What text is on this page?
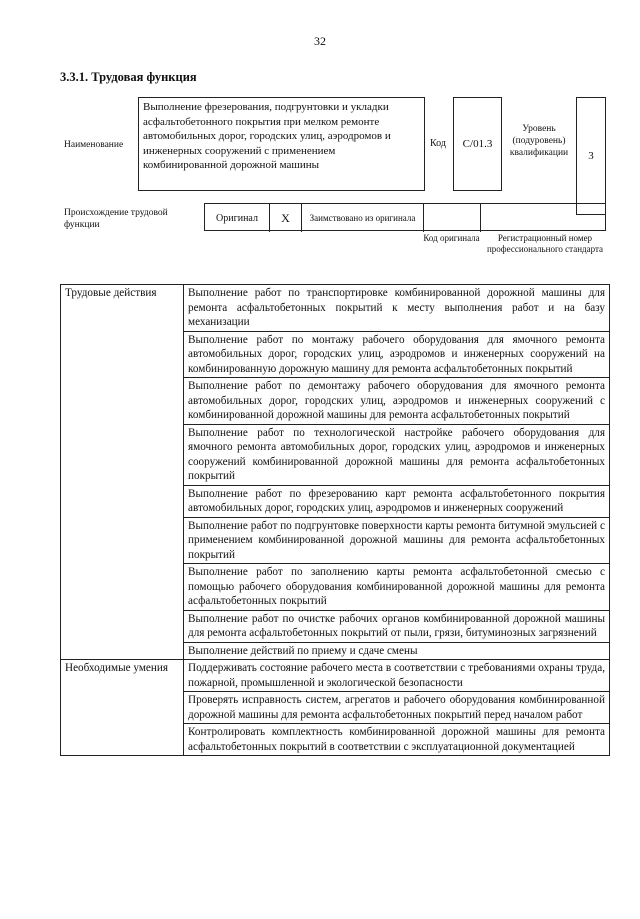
32
3.3.1. Трудовая функция
Наименование
Выполнение фрезерования, подгрунтовки и укладки асфальтобетонного покрытия при мелком ремонте автомобильных дорог, городских улиц, аэродромов и инженерных сооружений с применением комбинированной дорожной машины
Код С/01.3
Уровень (подуровень) квалификации	3
Происхождение трудовой функции
Оригинал X Заимствовано из оригинала
Код оригинала	Регистрационный номер профессионального стандарта
Трудовые действия	Выполнение работ по транспортировке комбинированной дорожной машины для ремонта асфальтобетонных покрытий к месту выполнения работ и на базу механизации
	Выполнение работ по монтажу рабочего оборудования для ямочного ремонта автомобильных дорог, городских улиц, аэродромов и инженерных сооружений на комбинированную дорожную машину для ремонта асфальтобетонных покрытий
	Выполнение работ по демонтажу рабочего оборудования для ямочного ремонта автомобильных дорог, городских улиц, аэродромов и инженерных сооружений с комбинированной дорожной машины для ремонта асфальтобетонных покрытий
	Выполнение работ по технологической настройке рабочего оборудования для ямочного ремонта автомобильных дорог, городских улиц, аэродромов и инженерных сооружений комбинированной дорожной машины для ремонта асфальтобетонных покрытий
	Выполнение работ по фрезерованию карт ремонта асфальтобетонного покрытия автомобильных дорог, городских улиц, аэродромов и инженерных сооружений
	Выполнение работ по подгрунтовке поверхности карты ремонта битумной эмульсией с применением комбинированной дорожной машины для ремонта асфальтобетонных покрытий
	Выполнение работ по заполнению карты ремонта асфальтобетонной смесью с помощью рабочего оборудования комбинированной дорожной машины для ремонта асфальтобетонных покрытий
	Выполнение работ по очистке рабочих органов комбинированной дорожной машины для ремонта асфальтобетонных покрытий от пыли, грязи, битуминозных загрязнений
	Выполнение действий по приему и сдаче смены
Необходимые умения	Поддерживать состояние рабочего места в соответствии с требованиями охраны труда, пожарной, промышленной и экологической безопасности
	Проверять исправность систем, агрегатов и рабочего оборудования комбинированной дорожной машины для ремонта асфальтобетонных покрытий перед началом работ
	Контролировать комплектность комбинированной дорожной машины для ремонта асфальтобетонных покрытий в соответствии с эксплуатационной документацией
